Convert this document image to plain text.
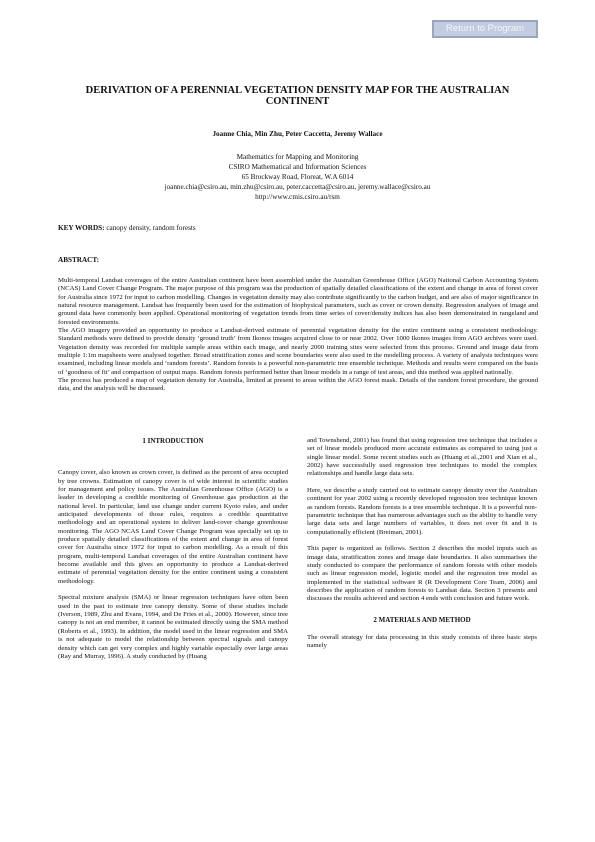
Return to Program
DERIVATION OF A PERENNIAL VEGETATION DENSITY MAP FOR THE AUSTRALIAN CONTINENT
Joanne Chia, Min Zhu, Peter Caccetta, Jeremy Wallace
Mathematics for Mapping and Monitoring
CSIRO Mathematical and Information Sciences
65 Brockway Road, Floreat, W.A 6014
joanne.chia@csiro.au, min.zhu@csiro.au, peter.caccetta@csiro.au, jeremy.wallace@csiro.au
http://www.cmis.csiro.au/rsm
KEY WORDS: canopy density, random forests
ABSTRACT:

Multi-temporal Landsat coverages of the entire Australian continent have been assembled under the Australian Greenhouse Office (AGO) National Carbon Accounting System (NCAS) Land Cover Change Program. The major purpose of this program was the production of spatially detailed classifications of the extent and change in area of forest cover for Australia since 1972 for input to carbon modelling. Changes in vegetation density may also contribute significantly to the carbon budget, and are also of major significance in natural resource management. Landsat has frequently been used for the estimation of biophysical parameters, such as cover or crown density. Regression analyses of image and ground data have commonly been applied. Operational monitoring of vegetation trends from time series of cover/density indices has also been demonstrated in rangeland and forested environments.

The AGO imagery provided an opportunity to produce a Landsat-derived estimate of perennial vegetation density for the entire continent using a consistent methodology. Standard methods were defined to provide density ‘ground truth’ from Ikonos images acquired close to or near 2002. Over 1000 Ikonos images from AGO archives were used. Vegetation density was recorded for multiple sample areas within each image, and nearly 2000 training sites were selected from this process. Ground and image data from multiple 1:1m mapsheets were analysed together. Broad stratification zones and scene boundaries were also used in the modelling process. A variety of analysis techniques were examined, including linear models and ‘random forests’. Random forests is a powerful non-parametric tree ensemble technique. Methods and results were compared on the basis of ‘goodness of fit’ and comparison of output maps. Random forests performed better than linear models in a range of test areas, and this method was applied nationally.

The process has produced a map of vegetation density for Australia, limited at present to areas within the AGO forest mask. Details of the random forest procedure, the ground data, and the analysis will be discussed.

1 INTRODUCTION

Canopy cover, also known as crown cover, is defined as the percent of area occupied by tree crowns. Estimation of canopy cover is of wide interest in scientific studies for management and policy issues. The Australian Greenhouse Office (AGO) is a leader in developing a credible monitoring of Greenhouse gas production at the national level. In particular, land use change under current Kyoto rules, and under anticipated developments of those rules, requires a credible quantitative methodology and an operational system to deliver land-cover change greenhouse monitoring. The AGO NCAS Land Cover Change Program was specially set up to produce spatially detailed classifications of the extent and change in area of forest cover for Australia since 1972 for input to carbon modelling. As a result of this program, multi-temporal Landsat coverages of the entire Australian continent have become available and this gives an opportunity to produce a Landsat-derived estimate of perennial vegetation density for the entire continent using a consistent methodology.

Spectral mixture analysis (SMA) or linear regression techniques have often been used in the past to estimate tree canopy density. Some of these studies include (Iverson, 1989, Zhu and Evans, 1994, and De Fries et al., 2000). However, since tree canopy is not an end member, it cannot be estimated directly using the SMA method (Roberts et al., 1993). In addition, the model used in the linear regression and SMA is not adequate to model the relationship between spectral signals and canopy density which can get very complex and highly variable especially over large areas (Ray and Murray, 1996). A study conducted by (Huang

and Townshend, 2001) has found that using regression tree technique that includes a set of linear models produced more accurate estimates as compared to using just a single linear model. Some recent studies such as (Huang et al.,2001 and Xian et al., 2002) have successfully used regression tree techniques to model the complex relationships and handle large data sets.

Here, we describe a study carried out to estimate canopy density over the Australian continent for year 2002 using a recently developed regression tree technique known as random forests. Random forests is a tree ensemble technique. It is a powerful non-parametric technique that has numerous advantages such as the ability to handle very large data sets and large numbers of variables, it does not over fit and it is computationally efficient (Breiman, 2001).

This paper is organized as follows. Section 2 describes the model inputs such as image data, stratification zones and image date boundaries. It also summarises the study conducted to compare the performance of random forests with other models such as linear regression model, logistic model and the regression tree model as implemented in the statistical software R (R Development Core Team, 2006) and describes the application of random forests to Landsat data. Section 3 presents and discusses the results achieved and section 4 ends with conclusion and future work.

2 MATERIALS AND METHOD

The overall strategy for data processing in this study consists of three basic steps namely
